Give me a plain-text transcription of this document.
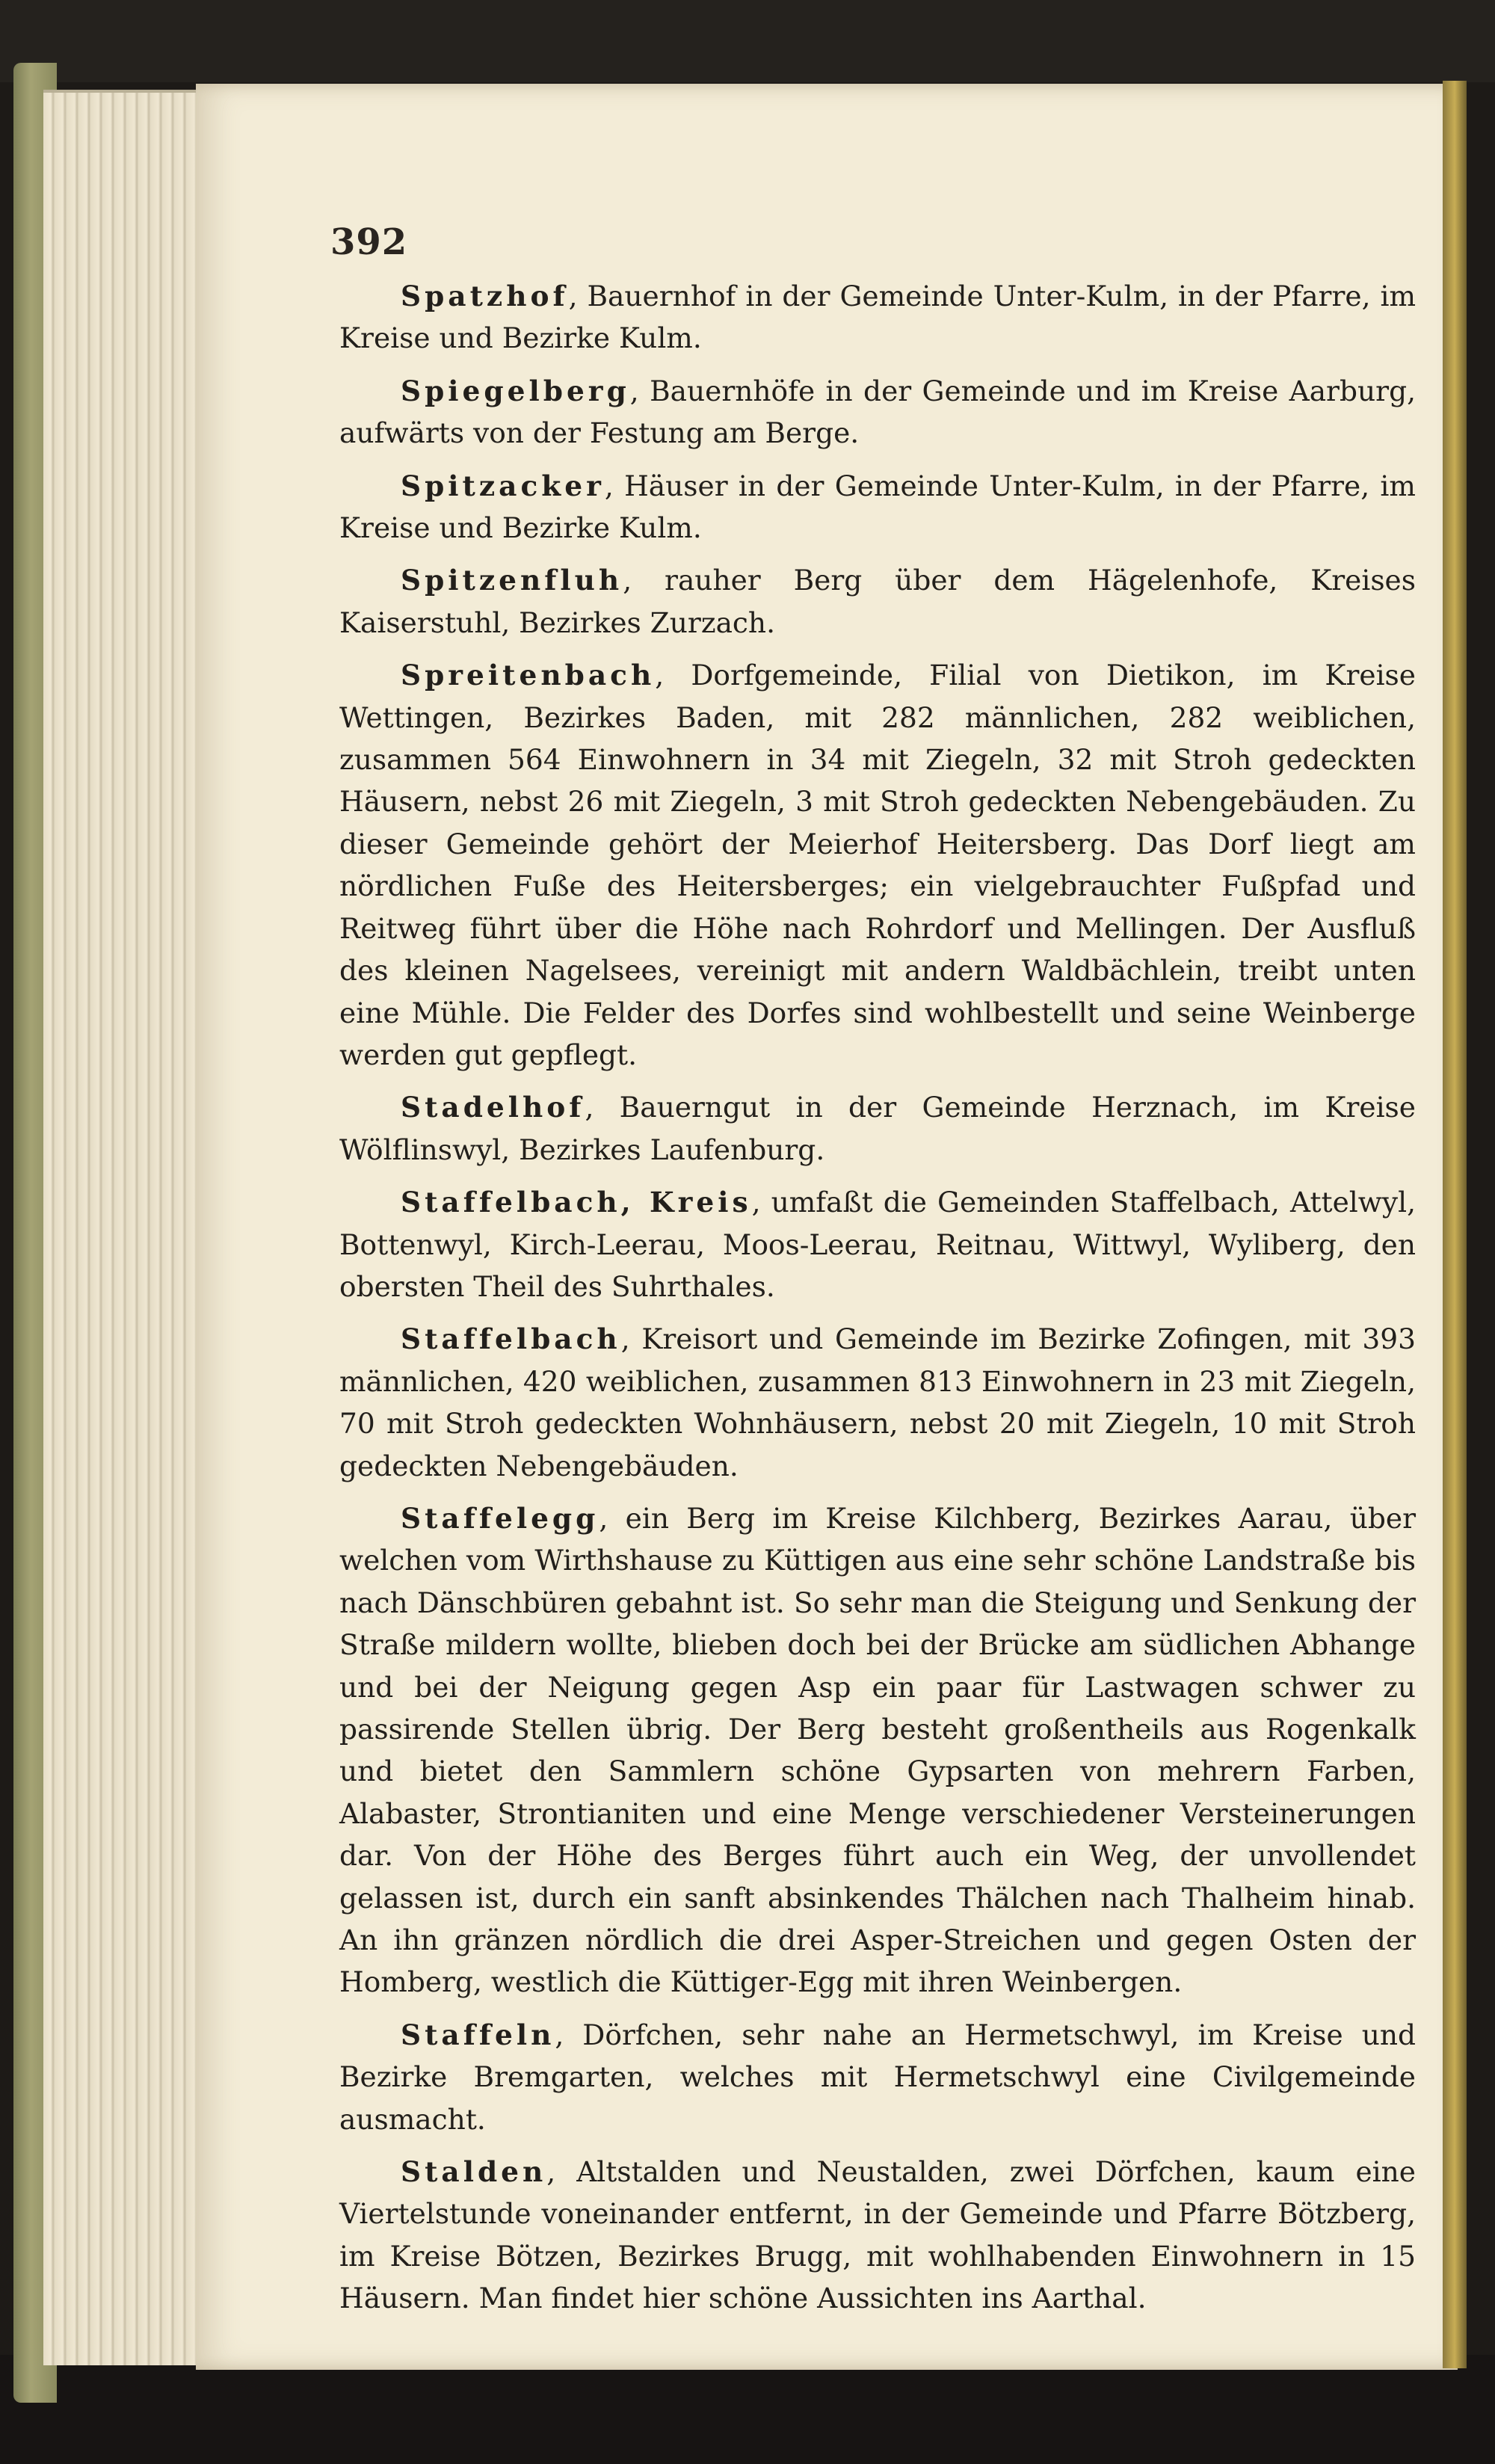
392

Spatzhof, Bauernhof in der Gemeinde Unter-Kulm, in der Pfarre, im Kreise und Bezirke Kulm.

Spiegelberg, Bauernhöfe in der Gemeinde und im Kreise Aarburg, aufwärts von der Festung am Berge.

Spitzacker, Häuser in der Gemeinde Unter-Kulm, in der Pfarre, im Kreise und Bezirke Kulm.

Spitzenfluh, rauher Berg über dem Hägelenhofe, Kreises Kaiserstuhl, Bezirkes Zurzach.

Spreitenbach, Dorfgemeinde, Filial von Dietikon, im Kreise Wettingen, Bezirkes Baden, mit 282 männlichen, 282 weiblichen, zusammen 564 Einwohnern in 34 mit Ziegeln, 32 mit Stroh gedeckten Häusern, nebst 26 mit Ziegeln, 3 mit Stroh gedeckten Nebengebäuden. Zu dieser Gemeinde gehört der Meierhof Heitersberg. Das Dorf liegt am nördlichen Fuße des Heitersberges; ein vielgebrauchter Fußpfad und Reitweg führt über die Höhe nach Rohrdorf und Mellingen. Der Ausfluß des kleinen Nagelsees, vereinigt mit andern Waldbächlein, treibt unten eine Mühle. Die Felder des Dorfes sind wohlbestellt und seine Weinberge werden gut gepflegt.

Stadelhof, Bauerngut in der Gemeinde Herznach, im Kreise Wölflinswyl, Bezirkes Laufenburg.

Staffelbach, Kreis, umfaßt die Gemeinden Staffelbach, Attelwyl, Bottenwyl, Kirch-Leerau, Moos-Leerau, Reitnau, Wittwyl, Wyliberg, den obersten Theil des Suhrthales.

Staffelbach, Kreisort und Gemeinde im Bezirke Zofingen, mit 393 männlichen, 420 weiblichen, zusammen 813 Einwohnern in 23 mit Ziegeln, 70 mit Stroh gedeckten Wohnhäusern, nebst 20 mit Ziegeln, 10 mit Stroh gedeckten Nebengebäuden.

Staffelegg, ein Berg im Kreise Kilchberg, Bezirkes Aarau, über welchen vom Wirthshause zu Küttigen aus eine sehr schöne Landstraße bis nach Dänschbüren gebahnt ist. So sehr man die Steigung und Senkung der Straße mildern wollte, blieben doch bei der Brücke am südlichen Abhange und bei der Neigung gegen Asp ein paar für Lastwagen schwer zu passirende Stellen übrig. Der Berg besteht großentheils aus Rogenkalk und bietet den Sammlern schöne Gypsarten von mehrern Farben, Alabaster, Strontianiten und eine Menge verschiedener Versteinerungen dar. Von der Höhe des Berges führt auch ein Weg, der unvollendet gelassen ist, durch ein sanft absinkendes Thälchen nach Thalheim hinab. An ihn gränzen nördlich die drei Asper-Streichen und gegen Osten der Homberg, westlich die Küttiger-Egg mit ihren Weinbergen.

Staffeln, Dörfchen, sehr nahe an Hermetschwyl, im Kreise und Bezirke Bremgarten, welches mit Hermetschwyl eine Civilgemeinde ausmacht.

Stalden, Altstalden und Neustalden, zwei Dörfchen, kaum eine Viertelstunde voneinander entfernt, in der Gemeinde und Pfarre Bötzberg, im Kreise Bötzen, Bezirkes Brugg, mit wohlhabenden Einwohnern in 15 Häusern. Man findet hier schöne Aussichten ins Aarthal.
